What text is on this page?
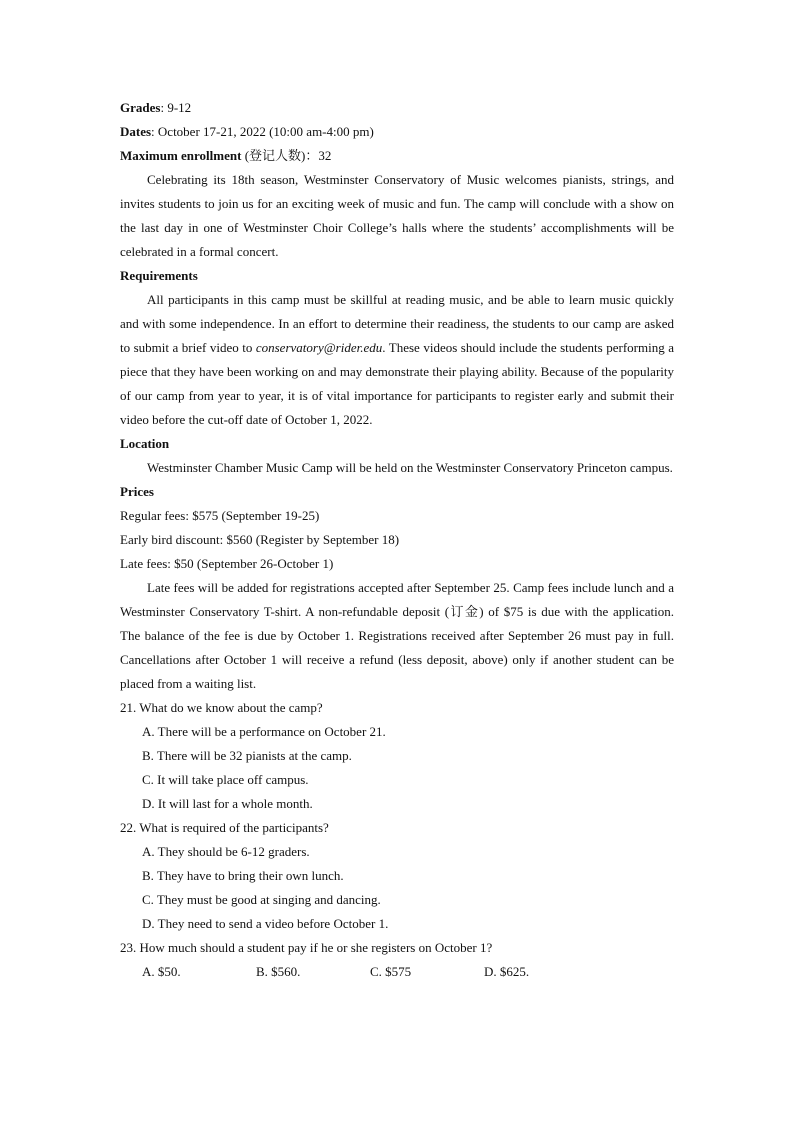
Grades: 9-12

Dates: October 17-21, 2022 (10:00 am-4:00 pm)

Maximum enrollment (登记人数)：32

Celebrating its 18th season, Westminster Conservatory of Music welcomes pianists, strings, and invites students to join us for an exciting week of music and fun. The camp will conclude with a show on the last day in one of Westminster Choir College’s halls where the students’ accomplishments will be celebrated in a formal concert.

Requirements

All participants in this camp must be skillful at reading music, and be able to learn music quickly and with some independence. In an effort to determine their readiness, the students to our camp are asked to submit a brief video to conservatory@rider.edu. These videos should include the students performing a piece that they have been working on and may demonstrate their playing ability. Because of the popularity of our camp from year to year, it is of vital importance for participants to register early and submit their video before the cut-off date of October 1, 2022.

Location

Westminster Chamber Music Camp will be held on the Westminster Conservatory Princeton campus.

Prices

Regular fees: $575 (September 19-25)

Early bird discount: $560 (Register by September 18)

Late fees: $50 (September 26-October 1)

Late fees will be added for registrations accepted after September 25. Camp fees include lunch and a Westminster Conservatory T-shirt. A non-refundable deposit (订金) of $75 is due with the application. The balance of the fee is due by October 1. Registrations received after September 26 must pay in full. Cancellations after October 1 will receive a refund (less deposit, above) only if another student can be placed from a waiting list.

21. What do we know about the camp?

A. There will be a performance on October 21.
B. There will be 32 pianists at the camp.
C. It will take place off campus.
D. It will last for a whole month.

22. What is required of the participants?

A. They should be 6-12 graders.
B. They have to bring their own lunch.
C. They must be good at singing and dancing.
D. They need to send a video before October 1.

23. How much should a student pay if he or she registers on October 1?

A. $50.	B. $560.	C. $575	D. $625.
